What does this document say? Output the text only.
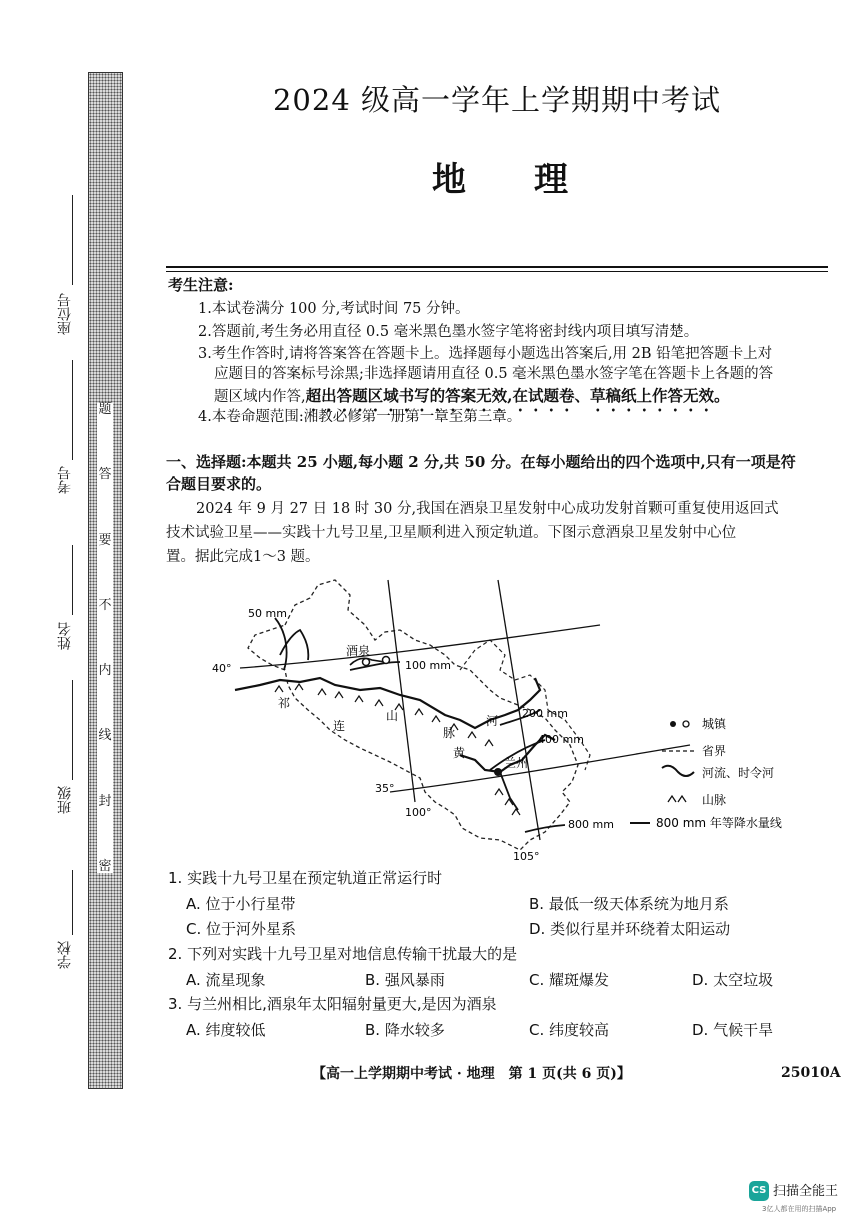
题
答
要
不
内
线
封
密
座位号
考号
姓名
班级
学校
2024 级高一学年上学期期中考试
地　　理
考生注意:
1.本试卷满分 100 分,考试时间 75 分钟。
2.答题前,考生务必用直径 0.5 毫米黑色墨水签字笔将密封线内项目填写清楚。
3.考生作答时,请将答案答在答题卡上。选择题每小题选出答案后,用 2B 铅笔把答题卡上对
应题目的答案标号涂黑;非选择题请用直径 0.5 毫米黑色墨水签字笔在答题卡上各题的答
题区域内作答,超出答题区域书写的答案无效,在试题卷、草稿纸上作答无效。
4.本卷命题范围:湘教必修第一册第一章至第三章。
一、选择题:本题共 25 小题,每小题 2 分,共 50 分。在每小题给出的四个选项中,只有一项是符
合题目要求的。
2024 年 9 月 27 日 18 时 30 分,我国在酒泉卫星发射中心成功发射首颗可重复使用返回式
技术试验卫星——实践十九号卫星,卫星顺利进入预定轨道。下图示意酒泉卫星发射中心位
置。据此完成1～3 题。
50 mm
40°
酒泉
100 mm
祁
连
山
脉
河
200 mm
400 mm
黄
兰州
35°
100°
800 mm
105°
城镇
省界
河流、时令河
山脉
800 mm 年等降水量线
1. 实践十九号卫星在预定轨道正常运行时
A. 位于小行星带	B. 最低一级天体系统为地月系
C. 位于河外星系	D. 类似行星并环绕着太阳运动
2. 下列对实践十九号卫星对地信息传输干扰最大的是
A. 流星现象	B. 强风暴雨	C. 耀斑爆发	D. 太空垃圾
3. 与兰州相比,酒泉年太阳辐射量更大,是因为酒泉
A. 纬度较低	B. 降水较多	C. 纬度较高	D. 气候干旱
【高一上学期期中考试 · 地理　第 1 页(共 6 页)】	25010A
CS 扫描全能王
3亿人都在用的扫描App
